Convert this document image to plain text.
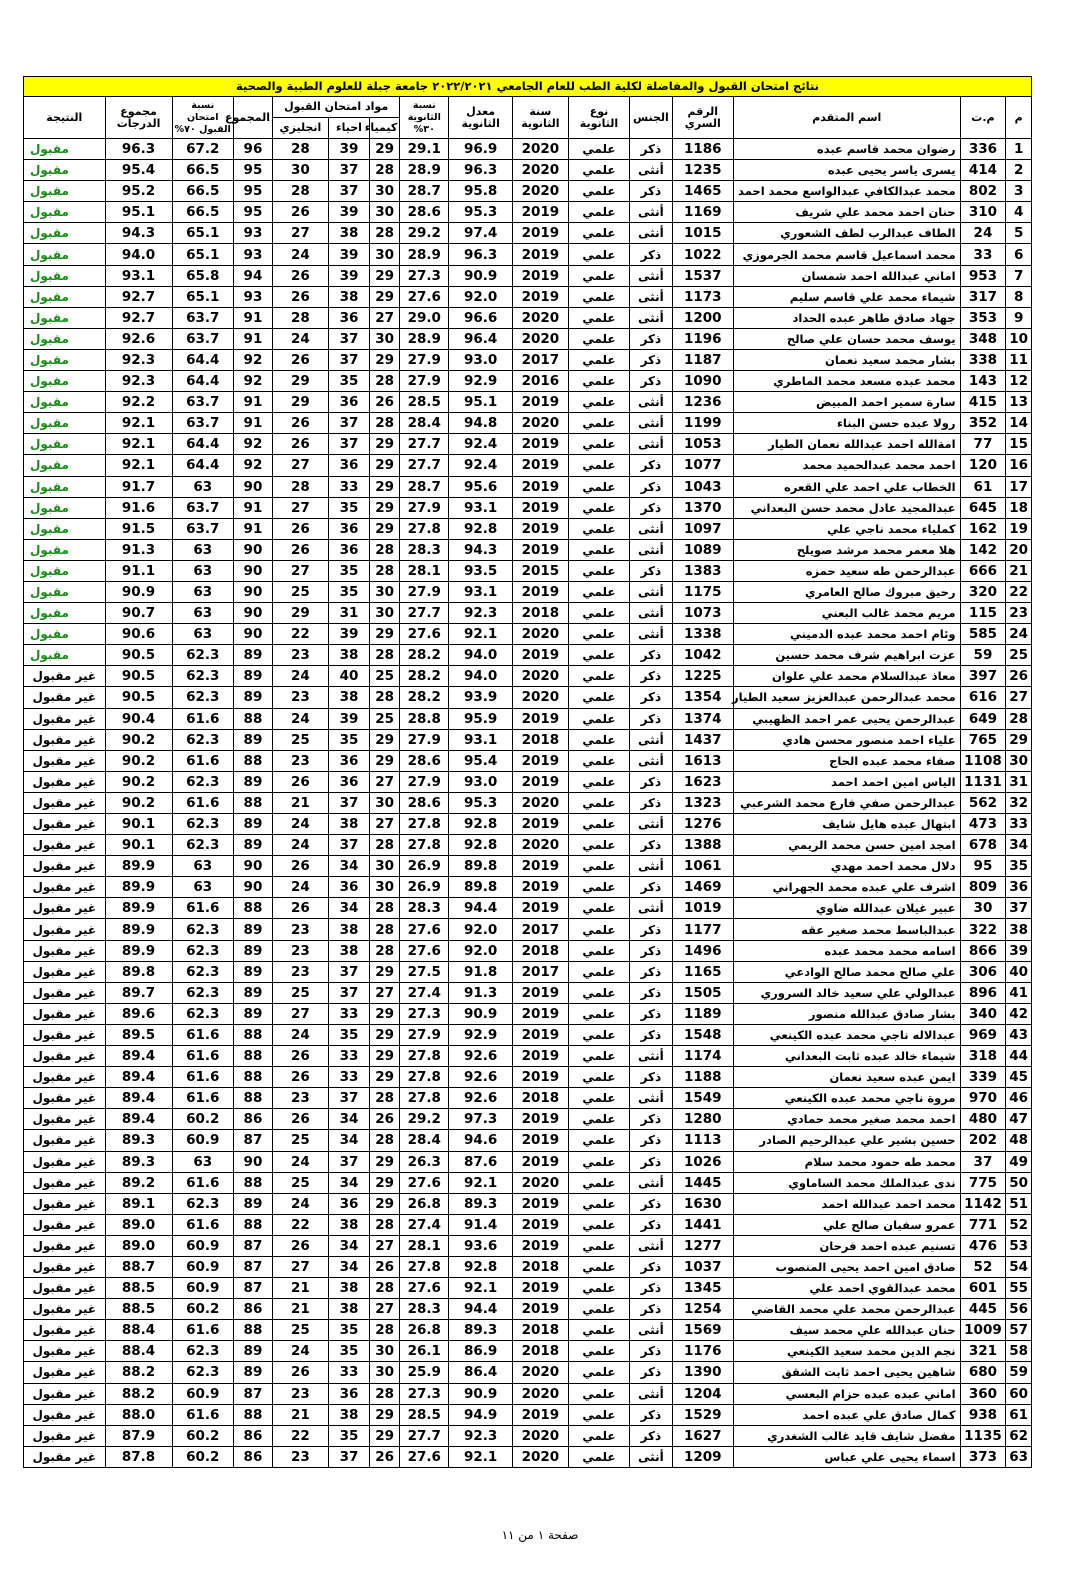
نتائج امتحان القبول والمفاضلة لكلية الطب للعام الجامعي ٢٠٢٢/٢٠٢١ جامعة جبلة للعلوم الطبية والصحية
م	م.ت	اسم المتقدم	الرقم السري	الجنس	نوع الثانوية	سنة الثانوية	معدل الثانوية	نسبة الثانوية ٣٠%	مواد امتحان القبول			المجموع	نسبة امتحان القبول ٧٠%	مجموع الدرجات	النتيجة
									كيمياء	احياء	انجليزي				
1	336	رضوان محمد قاسم عبده	1186	ذكر	علمي	2020	96.9	29.1	29	39	28	96	67.2	96.3	مقبول
2	414	يسرى ياسر يحيى عبده	1235	أنثى	علمي	2020	96.3	28.9	28	37	30	95	66.5	95.4	مقبول
3	802	محمد عبدالكافي عبدالواسع محمد احمد	1465	ذكر	علمي	2020	95.8	28.7	30	37	28	95	66.5	95.2	مقبول
4	310	حنان احمد محمد علي شريف	1169	أنثى	علمي	2019	95.3	28.6	30	39	26	95	66.5	95.1	مقبول
5	24	الطاف عبدالرب لطف الشعوري	1015	أنثى	علمي	2019	97.4	29.2	28	38	27	93	65.1	94.3	مقبول
6	33	محمد اسماعيل قاسم محمد الجرموزي	1022	ذكر	علمي	2019	96.3	28.9	30	39	24	93	65.1	94.0	مقبول
7	953	اماني عبدالله احمد شمسان	1537	أنثى	علمي	2019	90.9	27.3	29	39	26	94	65.8	93.1	مقبول
8	317	شيماء محمد علي قاسم سليم	1173	أنثى	علمي	2019	92.0	27.6	29	38	26	93	65.1	92.7	مقبول
9	353	جهاد صادق طاهر عبده الحداد	1200	أنثى	علمي	2020	96.6	29.0	27	36	28	91	63.7	92.7	مقبول
10	348	يوسف محمد حسان علي صالح	1196	ذكر	علمي	2020	96.4	28.9	30	37	24	91	63.7	92.6	مقبول
11	338	بشار محمد سعيد نعمان	1187	ذكر	علمي	2017	93.0	27.9	29	37	26	92	64.4	92.3	مقبول
12	143	محمد عبده مسعد محمد الماطري	1090	ذكر	علمي	2016	92.9	27.9	28	35	29	92	64.4	92.3	مقبول
13	415	سارة سمير احمد المبيض	1236	أنثى	علمي	2019	95.1	28.5	26	36	29	91	63.7	92.2	مقبول
14	352	رولا عبده حسن البناء	1199	أنثى	علمي	2020	94.8	28.4	28	37	26	91	63.7	92.1	مقبول
15	77	امةالله احمد عبدالله نعمان الطيار	1053	أنثى	علمي	2019	92.4	27.7	29	37	26	92	64.4	92.1	مقبول
16	120	احمد محمد عبدالحميد محمد	1077	ذكر	علمي	2019	92.4	27.7	29	36	27	92	64.4	92.1	مقبول
17	61	الخطاب علي احمد علي القعره	1043	ذكر	علمي	2019	95.6	28.7	29	33	28	90	63	91.7	مقبول
18	645	عبدالمجيد عادل محمد حسن البعداني	1370	ذكر	علمي	2019	93.1	27.9	29	35	27	91	63.7	91.6	مقبول
19	162	كملياء محمد ناجي علي	1097	أنثى	علمي	2019	92.8	27.8	29	36	26	91	63.7	91.5	مقبول
20	142	هلا معمر محمد مرشد صويلح	1089	أنثى	علمي	2019	94.3	28.3	28	36	26	90	63	91.3	مقبول
21	666	عبدالرحمن طه سعيد حمزه	1383	ذكر	علمي	2015	93.5	28.1	28	35	27	90	63	91.1	مقبول
22	320	رحيق مبروك صالح العامري	1175	أنثى	علمي	2019	93.1	27.9	30	35	25	90	63	90.9	مقبول
23	115	مريم محمد غالب البعني	1073	أنثى	علمي	2018	92.3	27.7	30	31	29	90	63	90.7	مقبول
24	585	وئام احمد محمد عبده الدميني	1338	أنثى	علمي	2020	92.1	27.6	29	39	22	90	63	90.6	مقبول
25	59	عزت ابراهيم شرف محمد حسين	1042	ذكر	علمي	2019	94.0	28.2	28	38	23	89	62.3	90.5	مقبول
26	397	معاذ عبدالسلام محمد علي علوان	1225	ذكر	علمي	2020	94.0	28.2	25	40	24	89	62.3	90.5	غير مقبول
27	616	محمد عبدالرحمن عبدالعزيز سعيد الطيار	1354	ذكر	علمي	2020	93.9	28.2	28	38	23	89	62.3	90.5	غير مقبول
28	649	عبدالرحمن يحيى عمر احمد الظهيبي	1374	ذكر	علمي	2019	95.9	28.8	25	39	24	88	61.6	90.4	غير مقبول
29	765	علياء احمد منصور محسن هادي	1437	أنثى	علمي	2018	93.1	27.9	29	35	25	89	62.3	90.2	غير مقبول
30	1108	صفاء محمد عبده الحاج	1613	أنثى	علمي	2019	95.4	28.6	29	36	23	88	61.6	90.2	غير مقبول
31	1131	الياس امين احمد احمد	1623	ذكر	علمي	2019	93.0	27.9	27	36	26	89	62.3	90.2	غير مقبول
32	562	عبدالرحمن صفي فارع محمد الشرعبي	1323	ذكر	علمي	2020	95.3	28.6	30	37	21	88	61.6	90.2	غير مقبول
33	473	ابتهال عبده هايل شايف	1276	أنثى	علمي	2019	92.8	27.8	27	38	24	89	62.3	90.1	غير مقبول
34	678	امجد امين حسن محمد الريمي	1388	ذكر	علمي	2020	92.8	27.8	28	37	24	89	62.3	90.1	غير مقبول
35	95	دلال محمد احمد مهدي	1061	أنثى	علمي	2019	89.8	26.9	30	34	26	90	63	89.9	غير مقبول
36	809	اشرف علي عبده محمد الجهراني	1469	ذكر	علمي	2019	89.8	26.9	30	36	24	90	63	89.9	غير مقبول
37	30	عبير غيلان عبدالله ضاوي	1019	أنثى	علمي	2019	94.4	28.3	28	34	26	88	61.6	89.9	غير مقبول
38	322	عبدالباسط محمد صغير عقه	1177	ذكر	علمي	2017	92.0	27.6	28	38	23	89	62.3	89.9	غير مقبول
39	866	اسامه محمد محمد عبده	1496	ذكر	علمي	2018	92.0	27.6	28	38	23	89	62.3	89.9	غير مقبول
40	306	علي صالح محمد صالح الوادعي	1165	ذكر	علمي	2017	91.8	27.5	29	37	23	89	62.3	89.8	غير مقبول
41	896	عبدالولي علي سعيد خالد السروري	1505	ذكر	علمي	2019	91.3	27.4	27	37	25	89	62.3	89.7	غير مقبول
42	340	بشار صادق عبدالله منصور	1189	ذكر	علمي	2019	90.9	27.3	29	33	27	89	62.3	89.6	غير مقبول
43	969	عبدالاله ناجي محمد عبده الكينعي	1548	ذكر	علمي	2019	92.9	27.9	29	35	24	88	61.6	89.5	غير مقبول
44	318	شيماء خالد عبده ثابت البعداني	1174	أنثى	علمي	2019	92.6	27.8	29	33	26	88	61.6	89.4	غير مقبول
45	339	ايمن عبده سعيد نعمان	1188	ذكر	علمي	2019	92.6	27.8	29	33	26	88	61.6	89.4	غير مقبول
46	970	مروة ناجي محمد عبده الكينعي	1549	أنثى	علمي	2018	92.6	27.8	28	37	23	88	61.6	89.4	غير مقبول
47	480	احمد محمد صغير محمد حمادي	1280	ذكر	علمي	2019	97.3	29.2	26	34	26	86	60.2	89.4	غير مقبول
48	202	حسين بشير علي عبدالرحيم الصادر	1113	ذكر	علمي	2019	94.6	28.4	28	34	25	87	60.9	89.3	غير مقبول
49	37	محمد طه حمود محمد سلام	1026	ذكر	علمي	2019	87.6	26.3	29	37	24	90	63	89.3	غير مقبول
50	775	ندى عبدالملك محمد الساماوي	1445	أنثى	علمي	2020	92.1	27.6	29	34	25	88	61.6	89.2	غير مقبول
51	1142	محمد احمد عبدالله احمد	1630	ذكر	علمي	2019	89.3	26.8	29	36	24	89	62.3	89.1	غير مقبول
52	771	عمرو سفيان صالح علي	1441	ذكر	علمي	2019	91.4	27.4	28	38	22	88	61.6	89.0	غير مقبول
53	476	تسنيم عبده احمد فرحان	1277	أنثى	علمي	2019	93.6	28.1	27	34	26	87	60.9	89.0	غير مقبول
54	52	صادق امين احمد يحيى المنصوب	1037	ذكر	علمي	2018	92.8	27.8	26	34	27	87	60.9	88.7	غير مقبول
55	601	محمد عبدالقوي احمد علي	1345	ذكر	علمي	2019	92.1	27.6	28	38	21	87	60.9	88.5	غير مقبول
56	445	عبدالرحمن محمد علي محمد القاضي	1254	ذكر	علمي	2019	94.4	28.3	27	38	21	86	60.2	88.5	غير مقبول
57	1009	حنان عبدالله علي محمد سيف	1569	أنثى	علمي	2018	89.3	26.8	28	35	25	88	61.6	88.4	غير مقبول
58	321	نجم الدين محمد سعيد الكينعي	1176	ذكر	علمي	2018	86.9	26.1	30	35	24	89	62.3	88.4	غير مقبول
59	680	شاهين يحيى احمد ثابت الشقق	1390	ذكر	علمي	2020	86.4	25.9	30	33	26	89	62.3	88.2	غير مقبول
60	360	اماني عبده عبده حزام البعسي	1204	أنثى	علمي	2020	90.9	27.3	28	36	23	87	60.9	88.2	غير مقبول
61	938	كمال صادق علي عبده احمد	1529	ذكر	علمي	2019	94.9	28.5	29	38	21	88	61.6	88.0	غير مقبول
62	1135	مفضل شايف قايد غالب الشغدري	1627	ذكر	علمي	2020	92.3	27.7	29	35	22	86	60.2	87.9	غير مقبول
63	373	اسماء يحيى علي عباس	1209	أنثى	علمي	2020	92.1	27.6	26	37	23	86	60.2	87.8	غير مقبول
صفحة ١ من ١١
